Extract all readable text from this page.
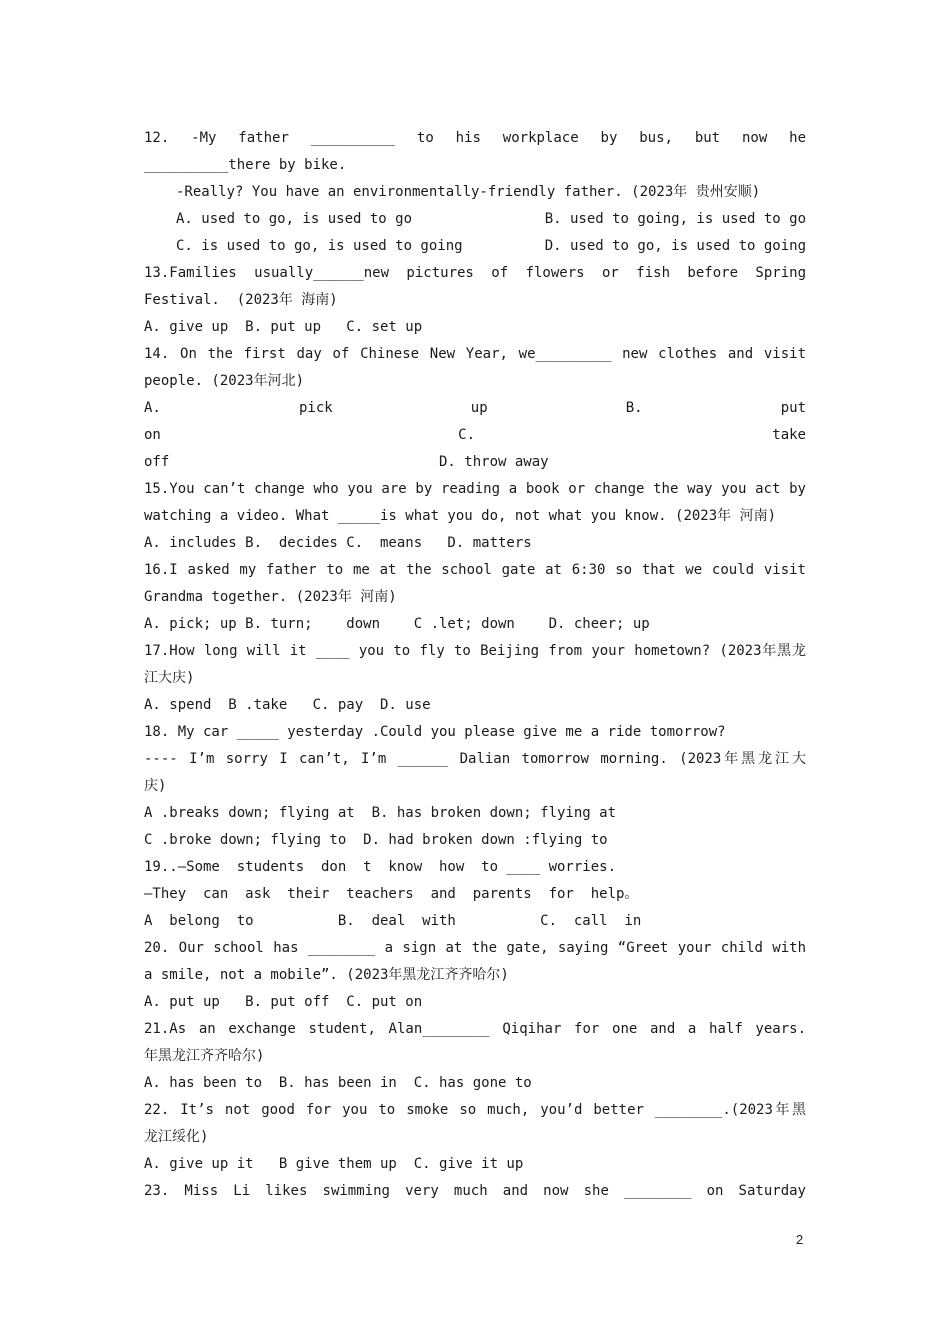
12. -My father __________ to his workplace by bus, but now he
__________there by bike.
-Really? You have an environmentally-friendly father. (2023年 贵州安顺)
A. used to go, is used to go	B. used to going, is used to go
C. is used to go, is used to going	D. used to go, is used to going
13.Families usually______new pictures of flowers or fish before Spring
Festival.  (2023年 海南)
A. give up  B. put up   C. set up
14. On the first day of Chinese New Year, we_________ new clothes and visit
people. (2023年河北)
A. pick up B. put
on C. take
off                                D. throw away
15.You can’t change who you are by reading a book or change the way you act by
watching a video. What _____is what you do, not what you know. (2023年 河南)
A. includes B.  decides C.  means   D. matters
16.I asked my father to me at the school gate at 6:30 so that we could visit
Grandma together. (2023年 河南)
A. pick; up B. turn;    down    C .let; down    D. cheer; up
17.How long will it ____ you to fly to Beijing from your hometown? (2023年黑龙
江大庆)
A. spend  B .take   C. pay  D. use
18. My car _____ yesterday .Could you please give me a ride tomorrow?
---- I’m sorry I can’t, I’m ______ Dalian tomorrow morning. (2023年黑龙江大
庆)
A .breaks down; flying at  B. has broken down; flying at
C .broke down; flying to  D. had broken down :flying to
19..—Some  students  don  t  know  how  to ____ worries.
—They  can  ask  their  teachers  and  parents  for  help。
A  belong  to          B.  deal  with          C.  call  in
20. Our school has ________ a sign at the gate, saying “Greet your child with
a smile, not a mobile”. (2023年黑龙江齐齐哈尔)
A. put up   B. put off  C. put on
21.As an exchange student, Alan________ Qiqihar for one and a half years.
年黑龙江齐齐哈尔)
A. has been to  B. has been in  C. has gone to
22. It’s not good for you to smoke so much, you’d better ________.(2023年黑
龙江绥化)
A. give up it   B give them up  C. give it up
23. Miss Li likes swimming very much and now she ________ on Saturday
2
